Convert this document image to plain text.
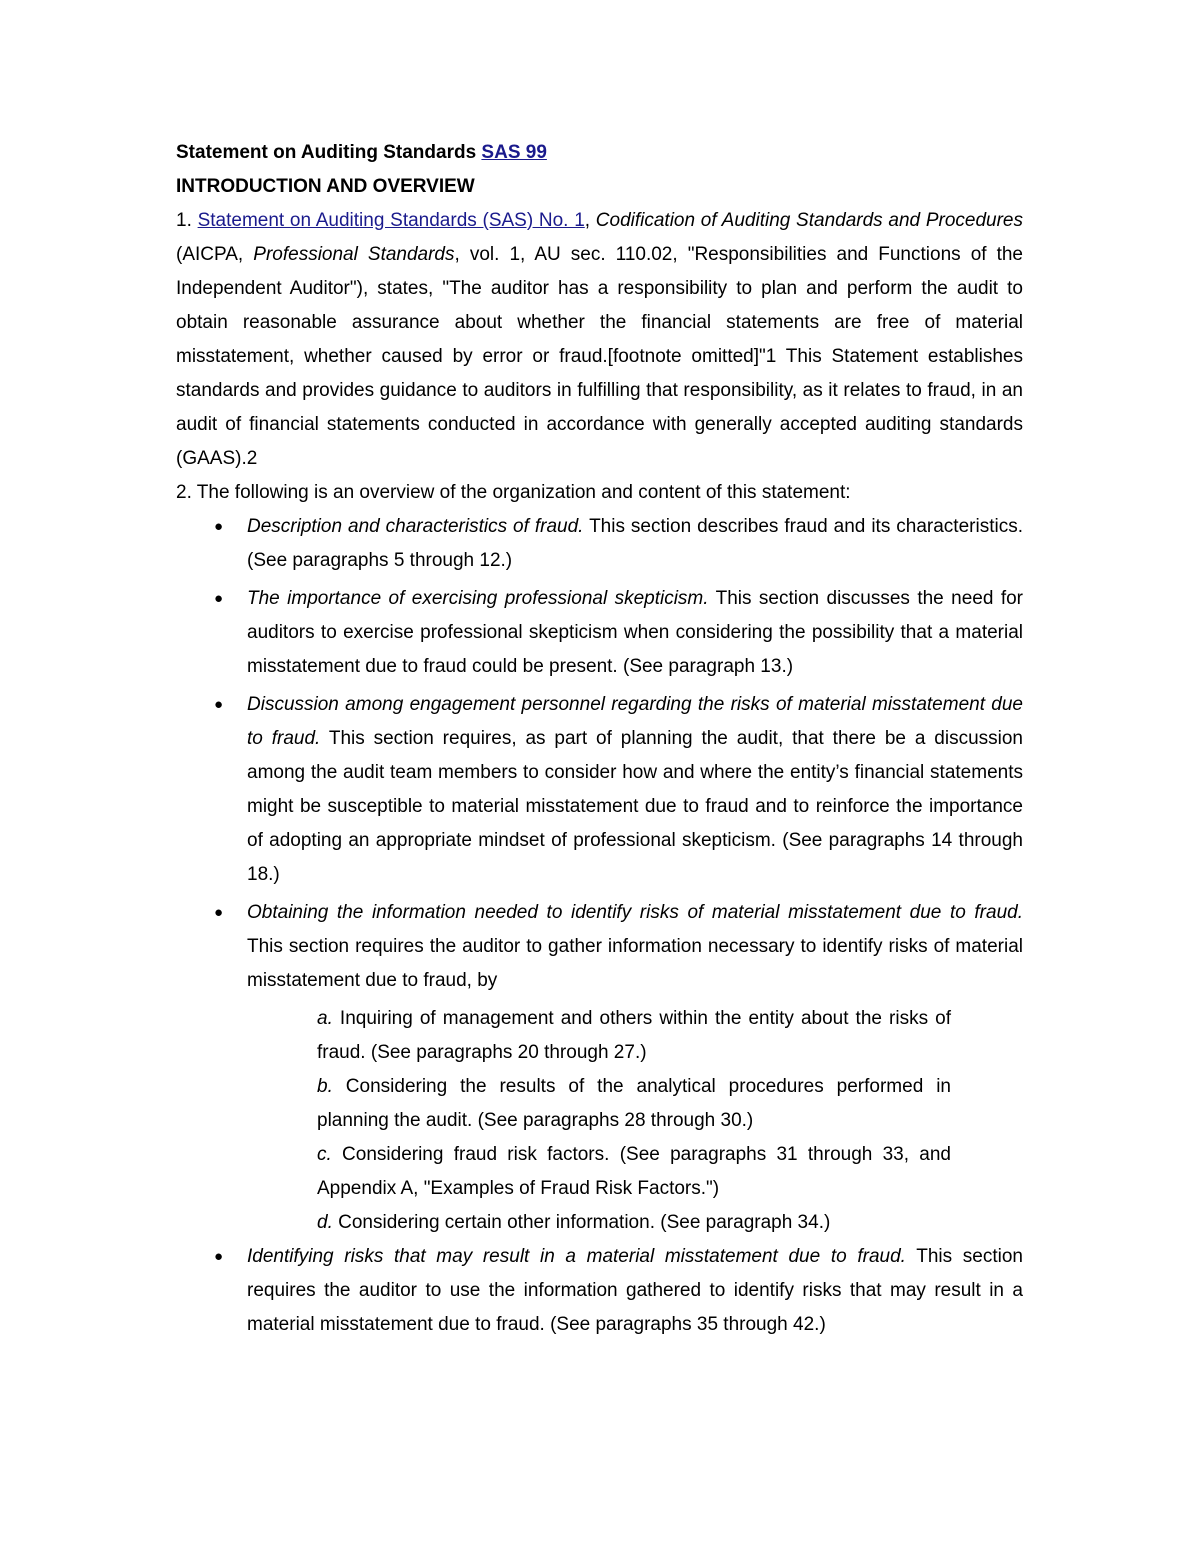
Statement on Auditing Standards SAS 99

INTRODUCTION AND OVERVIEW

1. Statement on Auditing Standards (SAS) No. 1, Codification of Auditing Standards and Procedures (AICPA, Professional Standards, vol. 1, AU sec. 110.02, "Responsibilities and Functions of the Independent Auditor"), states, "The auditor has a responsibility to plan and perform the audit to obtain reasonable assurance about whether the financial statements are free of material misstatement, whether caused by error or fraud.[footnote omitted]"1 This Statement establishes standards and provides guidance to auditors in fulfilling that responsibility, as it relates to fraud, in an audit of financial statements conducted in accordance with generally accepted auditing standards (GAAS).2

2. The following is an overview of the organization and content of this statement:

● Description and characteristics of fraud. This section describes fraud and its characteristics. (See paragraphs 5 through 12.)
● The importance of exercising professional skepticism. This section discusses the need for auditors to exercise professional skepticism when considering the possibility that a material misstatement due to fraud could be present. (See paragraph 13.)
● Discussion among engagement personnel regarding the risks of material misstatement due to fraud. This section requires, as part of planning the audit, that there be a discussion among the audit team members to consider how and where the entity’s financial statements might be susceptible to material misstatement due to fraud and to reinforce the importance of adopting an appropriate mindset of professional skepticism. (See paragraphs 14 through 18.)
● Obtaining the information needed to identify risks of material misstatement due to fraud. This section requires the auditor to gather information necessary to identify risks of material misstatement due to fraud, by

a. Inquiring of management and others within the entity about the risks of fraud. (See paragraphs 20 through 27.)

b. Considering the results of the analytical procedures performed in planning the audit. (See paragraphs 28 through 30.)

c. Considering fraud risk factors. (See paragraphs 31 through 33, and Appendix A, "Examples of Fraud Risk Factors.")

d. Considering certain other information. (See paragraph 34.)

● Identifying risks that may result in a material misstatement due to fraud. This section requires the auditor to use the information gathered to identify risks that may result in a material misstatement due to fraud. (See paragraphs 35 through 42.)
